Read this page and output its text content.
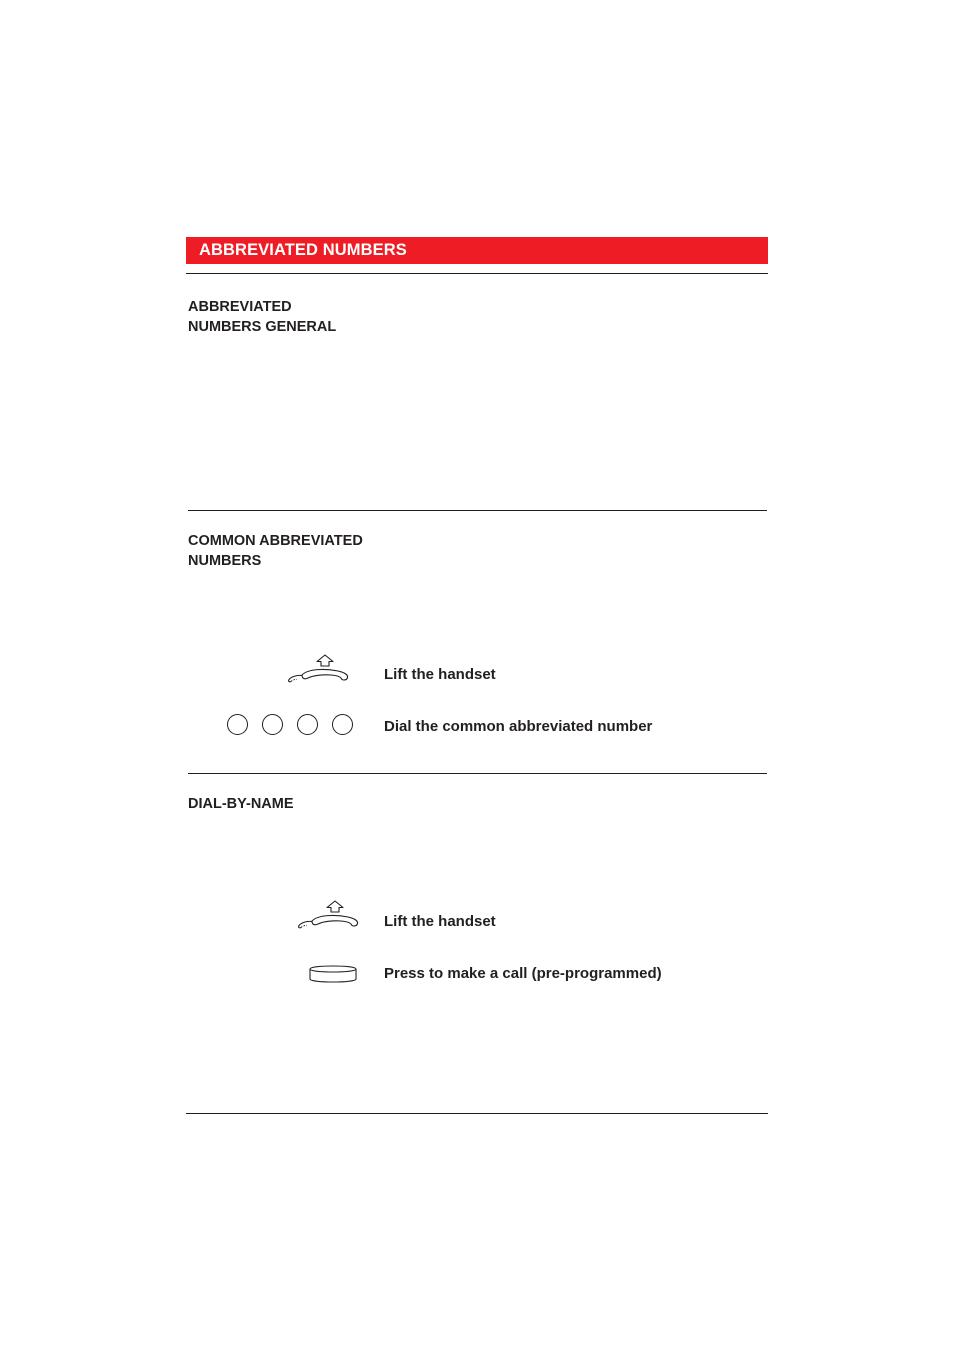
ABBREVIATED NUMBERS
ABBREVIATED
NUMBERS GENERAL
COMMON ABBREVIATED
NUMBERS
Lift the handset
Dial the common abbreviated number
DIAL-BY-NAME
Lift the handset
Press to make a call (pre-programmed)
